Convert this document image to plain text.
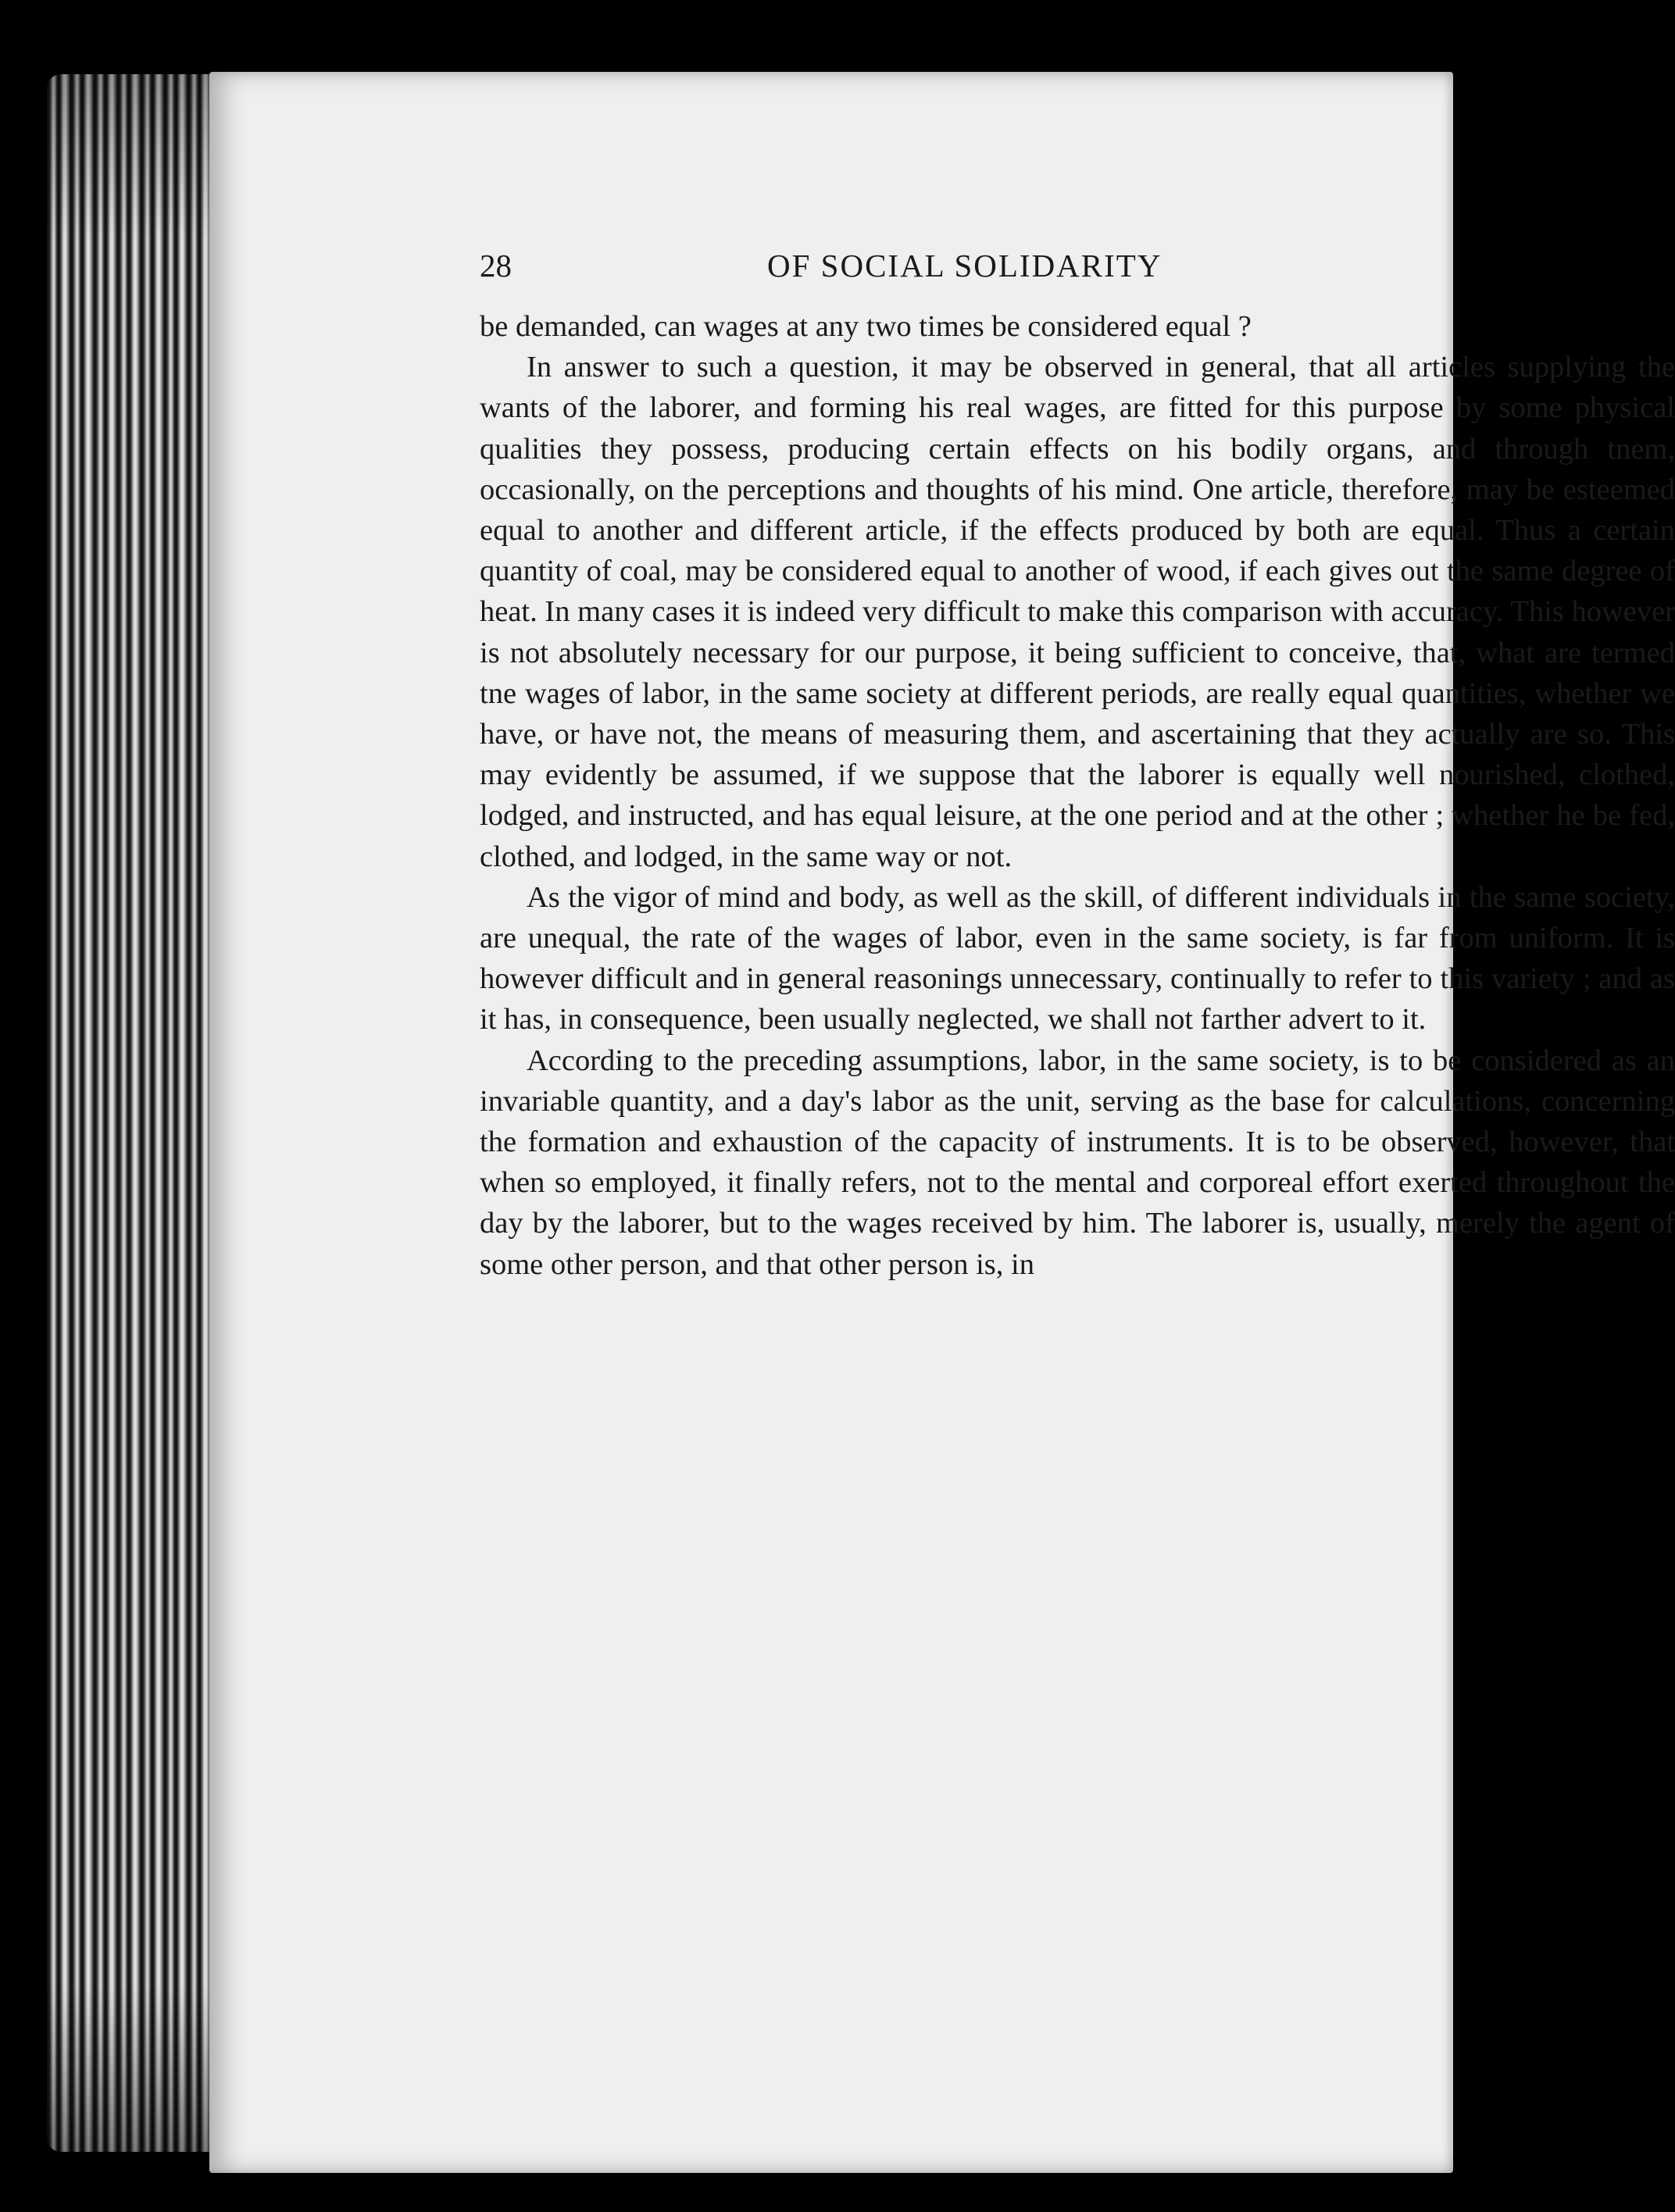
28	OF SOCIAL SOLIDARITY

be demanded, can wages at any two times be considered equal ?

In answer to such a question, it may be observed in general, that all articles supplying the wants of the laborer, and forming his real wages, are fitted for this purpose by some physical qualities they possess, producing certain effects on his bodily organs, and through tnem, occasionally, on the perceptions and thoughts of his mind. One article, therefore, may be esteemed equal to another and different article, if the effects produced by both are equal. Thus a certain quantity of coal, may be considered equal to another of wood, if each gives out the same degree of heat. In many cases it is indeed very difficult to make this comparison with accuracy. This however is not absolutely necessary for our purpose, it being sufficient to conceive, that, what are termed tne wages of labor, in the same society at different periods, are really equal quantities, whether we have, or have not, the means of measuring them, and ascertaining that they actually are so. This may evidently be assumed, if we suppose that the laborer is equally well nourished, clothed, lodged, and instructed, and has equal leisure, at the one period and at the other ; whether he be fed, clothed, and lodged, in the same way or not.

As the vigor of mind and body, as well as the skill, of different individuals in the same society, are unequal, the rate of the wages of labor, even in the same society, is far from uniform. It is however difficult and in general reasonings unnecessary, continually to refer to this variety ; and as it has, in consequence, been usually neglected, we shall not farther advert to it.

According to the preceding assumptions, labor, in the same society, is to be considered as an invariable quantity, and a day's labor as the unit, serving as the base for calculations, concerning the formation and exhaustion of the capacity of instruments. It is to be observed, however, that when so employed, it finally refers, not to the mental and corporeal effort exerted throughout the day by the laborer, but to the wages received by him. The laborer is, usually, merely the agent of some other person, and that other person is, in
